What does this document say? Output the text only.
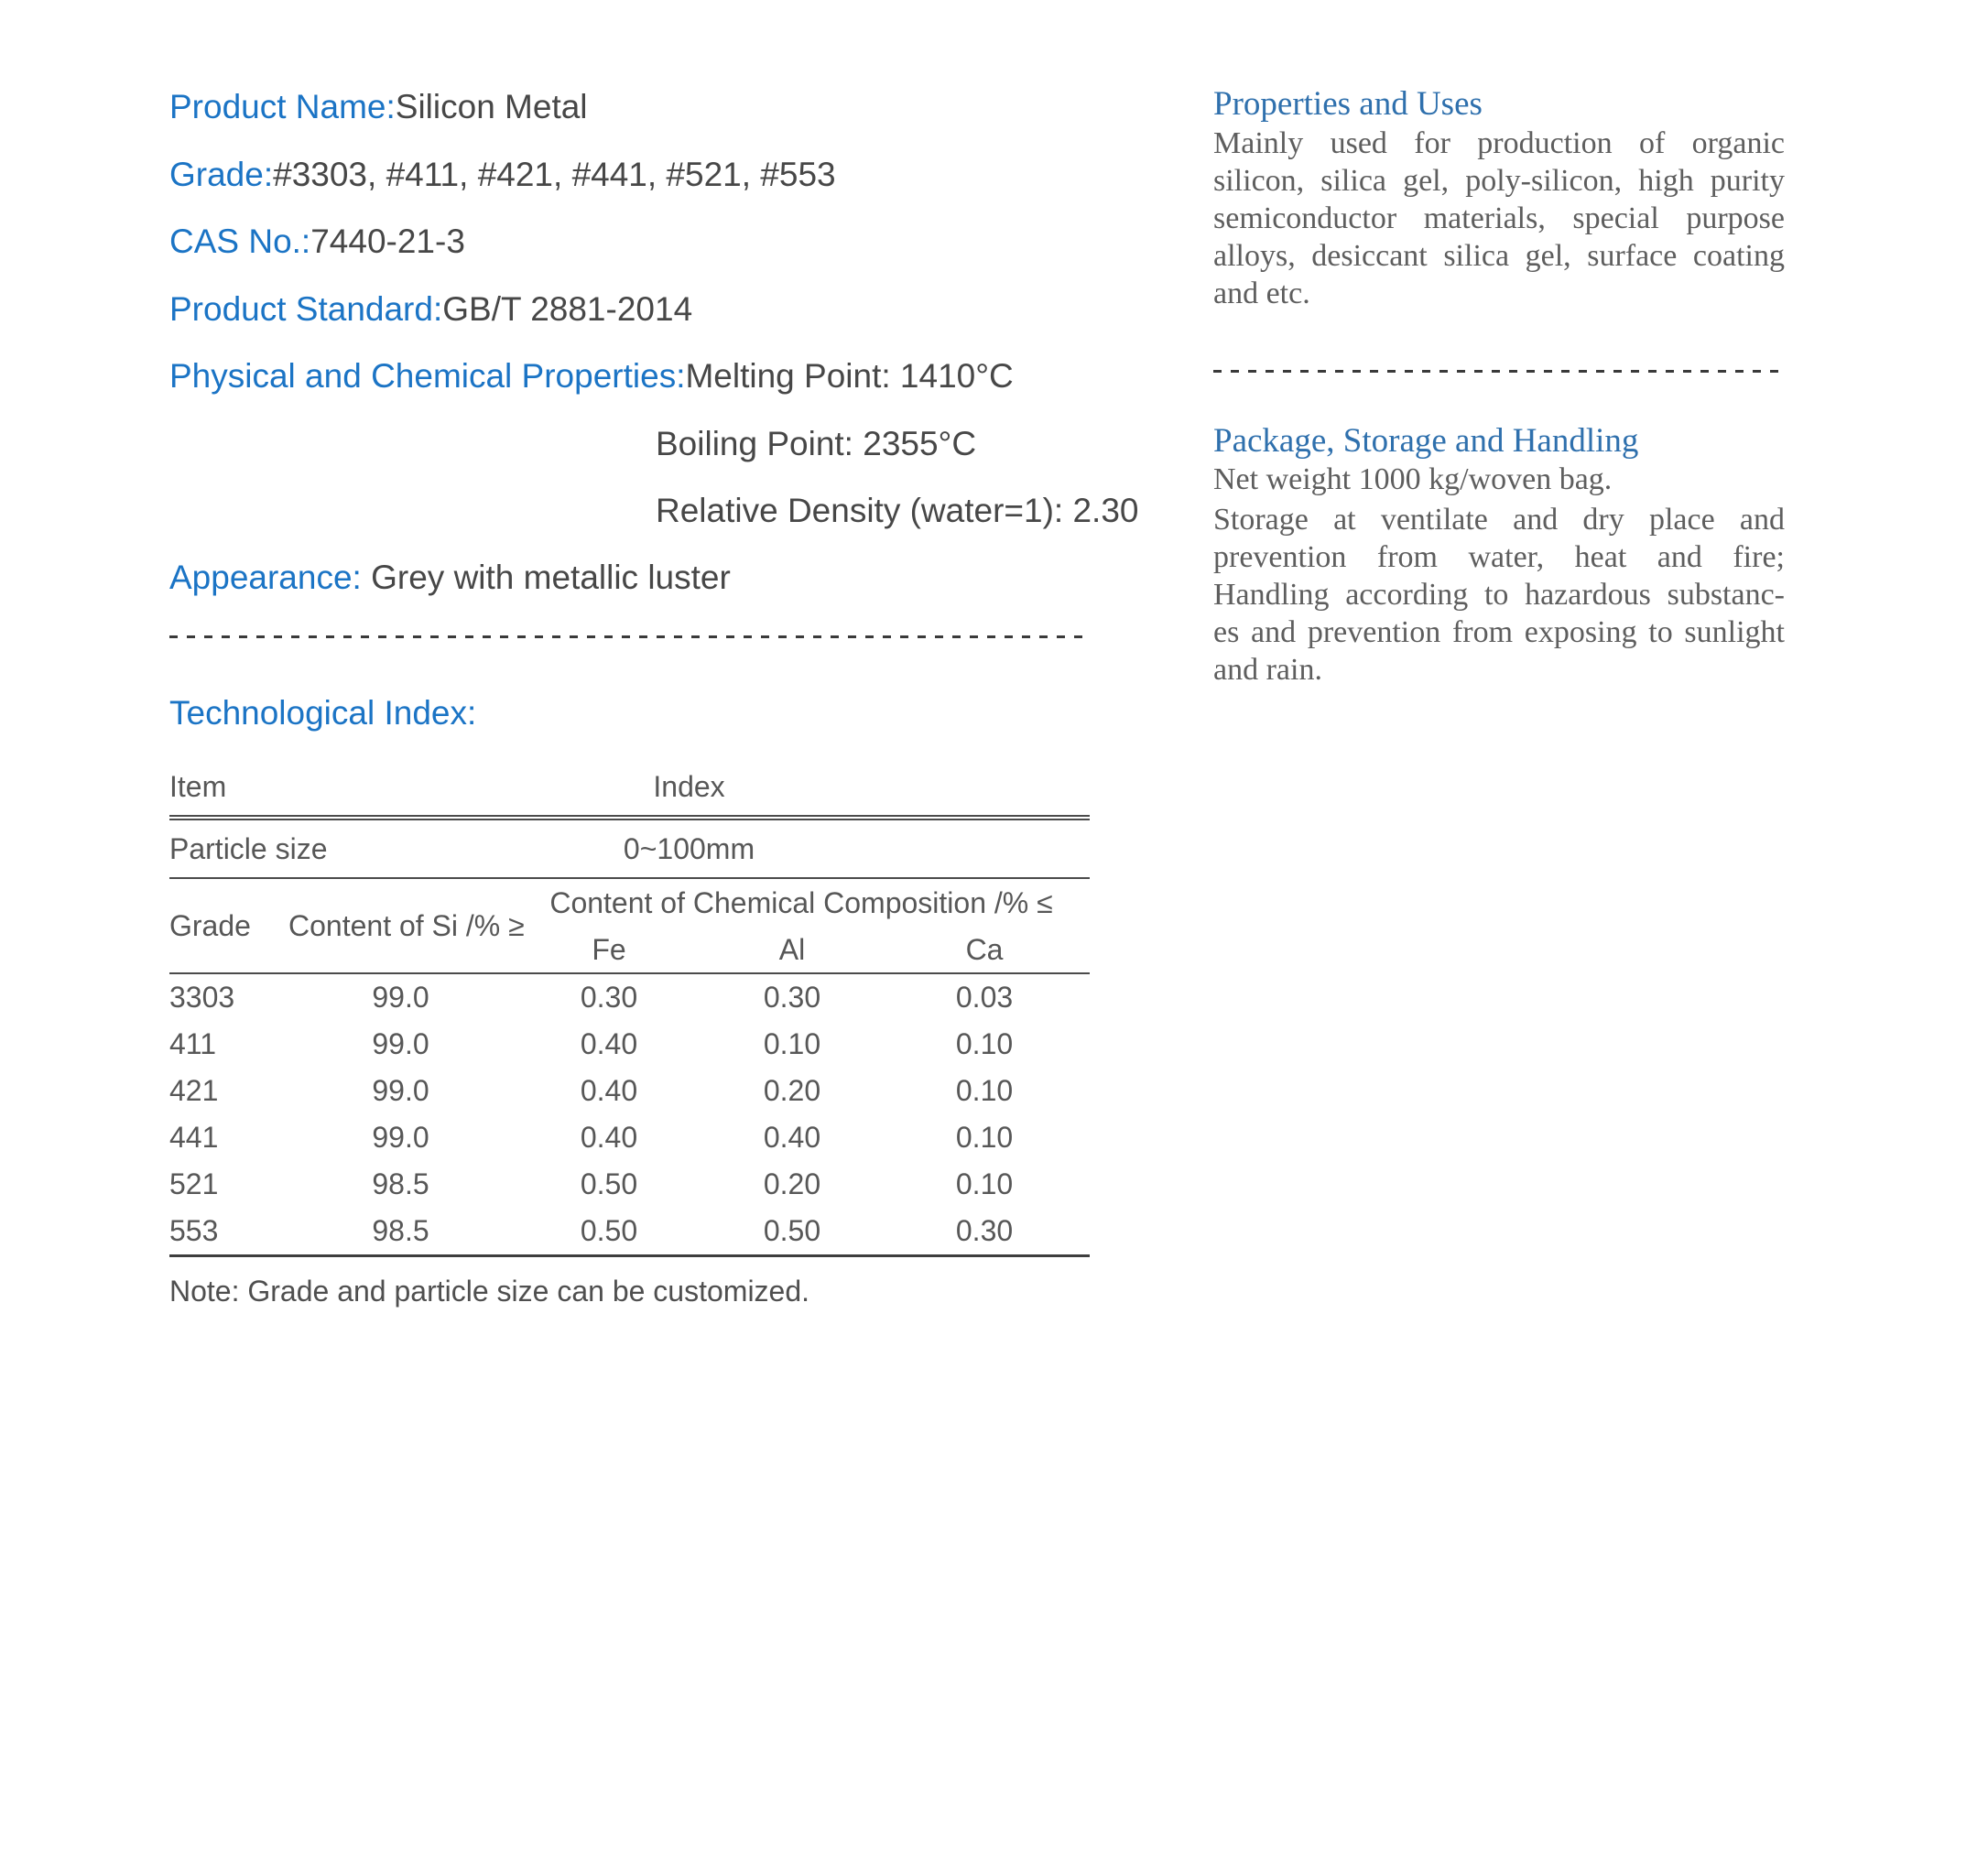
Product Name:Silicon Metal
Grade:#3303, #411, #421, #441, #521, #553
CAS No.:7440-21-3
Product Standard:GB/T 2881-2014
Physical and Chemical Properties:Melting Point: 1410°C
Boiling Point: 2355°C
Relative Density (water=1): 2.30
Appearance: Grey with metallic luster
Technological Index:
Item	Index			
Particle size	0~100mm			
Grade	Content of Si /% ≥	Content of Chemical Composition /% ≤		
		Fe	Al	Ca
3303	99.0	0.30	0.30	0.03
411	99.0	0.40	0.10	0.10
421	99.0	0.40	0.20	0.10
441	99.0	0.40	0.40	0.10
521	98.5	0.50	0.20	0.10
553	98.5	0.50	0.50	0.30
Note: Grade and particle size can be customized.
Properties and Uses
Mainly used for production of organic
silicon, silica gel, poly-silicon, high purity
semiconductor materials, special purpose
alloys, desiccant silica gel, surface coating
and etc.
Package, Storage and Handling
Net weight 1000 kg/woven bag.
Storage at ventilate and dry place and
prevention from water, heat and fire;
Handling according to hazardous substanc-
es and prevention from exposing to sunlight
and rain.
